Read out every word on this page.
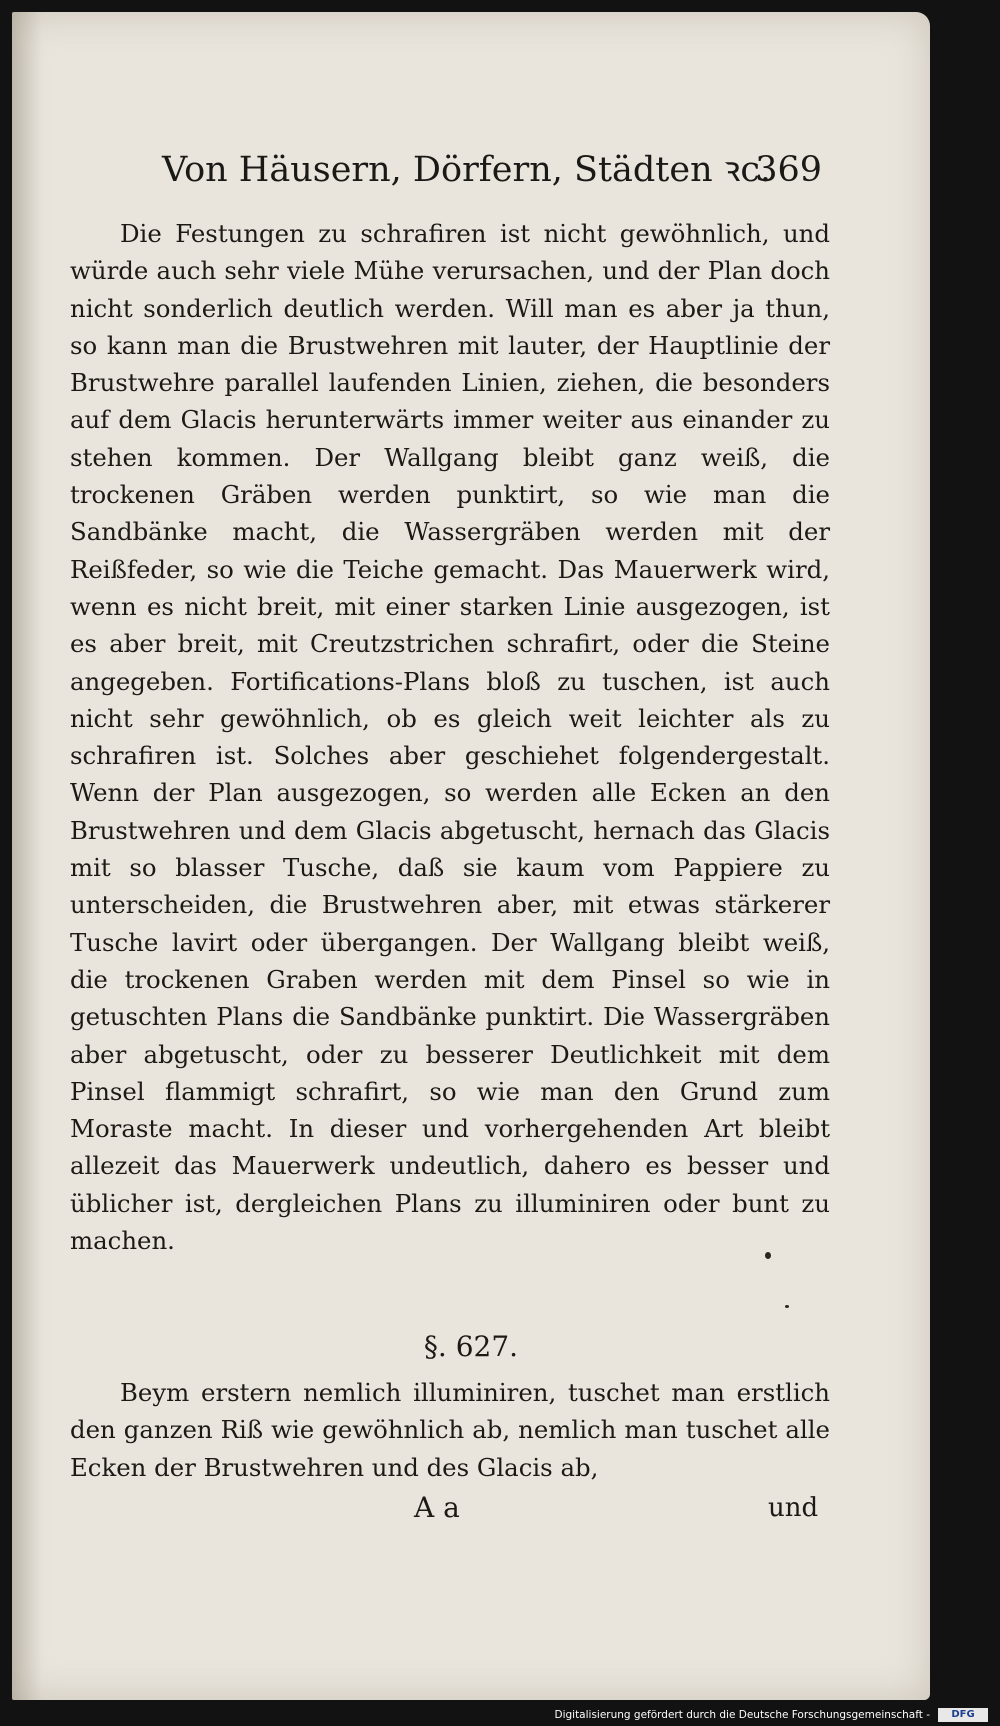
Von Häusern, Dörfern, Städten ꝛc.
369

Die Festungen zu schrafiren ist nicht gewöhnlich, und würde auch sehr viele Mühe verursachen, und der Plan doch nicht sonderlich deutlich werden. Will man es aber ja thun, so kann man die Brustwehren mit lauter, der Hauptlinie der Brustwehre parallel laufenden Linien, ziehen, die besonders auf dem Glacis herunterwärts immer weiter aus einander zu stehen kommen. Der Wallgang bleibt ganz weiß, die trockenen Gräben werden punktirt, so wie man die Sandbänke macht, die Wassergräben werden mit der Reißfeder, so wie die Teiche gemacht. Das Mauerwerk wird, wenn es nicht breit, mit einer starken Linie ausgezogen, ist es aber breit, mit Creutzstrichen schrafirt, oder die Steine angegeben. Fortifications-Plans bloß zu tuschen, ist auch nicht sehr gewöhnlich, ob es gleich weit leichter als zu schrafiren ist. Solches aber geschiehet folgendergestalt. Wenn der Plan ausgezogen, so werden alle Ecken an den Brustwehren und dem Glacis abgetuscht, hernach das Glacis mit so blasser Tusche, daß sie kaum vom Pappiere zu unterscheiden, die Brustwehren aber, mit etwas stärkerer Tusche lavirt oder übergangen. Der Wallgang bleibt weiß, die trockenen Graben werden mit dem Pinsel so wie in getuschten Plans die Sandbänke punktirt. Die Wassergräben aber abgetuscht, oder zu besserer Deutlichkeit mit dem Pinsel flammigt schrafirt, so wie man den Grund zum Moraste macht. In dieser und vorhergehenden Art bleibt allezeit das Mauerwerk undeutlich, dahero es besser und üblicher ist, dergleichen Plans zu illuminiren oder bunt zu machen.

§. 627.

Beym erstern nemlich illuminiren, tuschet man erstlich den ganzen Riß wie gewöhnlich ab, nemlich man tuschet alle Ecken der Brustwehren und des Glacis ab,

A a	und
Digitalisierung gefördert durch die Deutsche Forschungsgemeinschaft -	DFG
